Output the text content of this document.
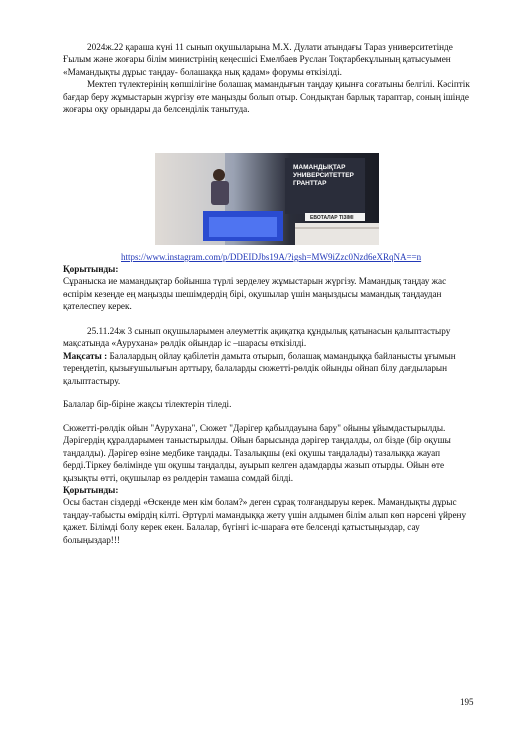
2024ж.22 қараша күні 11 сынып оқушыларына М.Х. Дулати атындағы Тараз университетінде Ғылым және жоғары білім министрінің кеңесшісі Емелбаев Руслан Тоқтарбекұлының қатысуымен «Мамандықты дұрыс таңдау- болашаққа нық қадам» форумы өткізілді.

Мектеп түлектерінің көпшілігіне болашақ мамандығын таңдау қиынға соғатыны белгілі. Кәсіптік бағдар беру жұмыстарын жүргізу өте маңызды болып отыр. Сондықтан барлық тараптар, соның ішінде жоғары оқу орындары да белсенділік танытуда.

МАМАНДЫҚТАР
УНИВЕРСИТЕТТЕР
ГРАНТТАР
ЕВОТАЛАР ТІЗІМІ
https://www.instagram.com/p/DDEIDJbs19A/?igsh=MW9iZzc0Nzd6eXRqNA==n

Қорытынды:

Сұраныска ие мамандықтар бойынша түрлі зерделеу жұмыстарын жүргізу. Мамандық таңдау жас өспірім кезеңде ең маңызды шешімдердің бірі, оқушылар үшін маңыздысы мамандық таңдаудан қателеспеу керек.

25.11.24ж 3 сынып оқушыларымен әлеуметтік ақиқатқа құндылық қатынасын қалыптастыру мақсатында «Аурухана» рөлдік ойындар іс –шарасы өткізілді.

Мақсаты : Балалардың ойлау қабілетін дамыта отырып, болашақ мамандыққа байланысты ұғымын тереңдетіп, қызығушылығын арттыру, балаларды сюжетті-рөлдік ойынды ойнап білу дағдыларын қалыптастыру.

Балалар бір-біріне жақсы тілектерін тіледі.

Сюжетті-рөлдік ойын "Аурухана", Сюжет "Дәрігер қабылдауына бару" ойыны ұйымдастырылды. Дәрігердің құралдарымен таныстырылды. Ойын барысында дәрігер таңдалды, ол бізде (бір оқушы таңдалды). Дәрігер өзіне медбике таңдады. Тазалықшы (екі оқушы таңдалады) тазалыққа жауап берді.Тіркеу бөлімінде үш оқушы таңдалды, ауырып келген адамдарды жазып отырды. Ойын өте қызықты өтті, оқушылар өз рөлдерін тамаша сомдай білді.

Қорытынды:

Осы бастан сіздерді «Өскенде мен кім болам?» деген сұрақ толғандыруы керек. Мамандықты дұрыс таңдау-табысты өмірдің кілті. Әртүрлі мамандыққа жету үшін алдымен білім алып көп нәрсені үйрену қажет. Білімді болу керек екен. Балалар, бүгінгі іс-шараға өте белсенді қатыстыңыздар, сау болыңыздар!!!

195
